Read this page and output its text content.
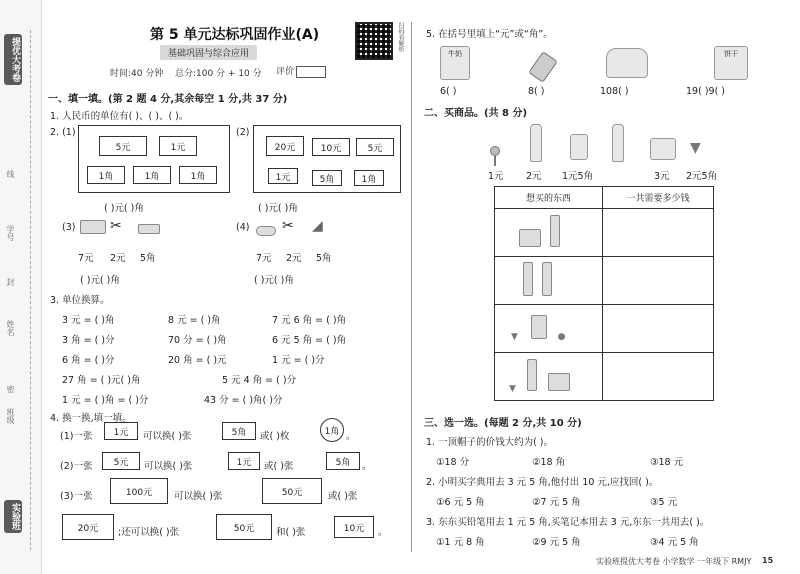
提优大考卷
实验班
线
学号
封
姓名
密
班级
第 5 单元达标巩固作业(A)
基础巩固与综合应用
时间:40 分钟 总分:100 分 + 10 分 评价
扫码看解析
一、填一填。(第 2 题 4 分,其余每空 1 分,共 37 分)
1. 人民币的单位有( )、( )、( )。
2. (1)
5元	1元
1角	1角	1角
( )元( )角
(2)
20元	10元	5元
1元	5角	1角
( )元( )角
(3) ✂
7元 2元 5角
( )元( )角
(4) ✂ ◢
7元 2元 5角
( )元( )角
3. 单位换算。
3 元 = ( )角	8 元 = ( )角	7 元 6 角 = ( )角
3 角 = ( )分	70 分 = ( )角	6 元 5 角 = ( )角
6 角 = ( )分	20 角 = ( )元	1 元 = ( )分
27 角 = ( )元( )角	5 元 4 角 = ( )分
1 元 = ( )角 = ( )分	43 分 = ( )角( )分
4. 换一换,填一填。
(1)一张	1元	可以换( )张	5角	或( )枚	1角 。
(2)一张	5元	可以换( )张	1元	或( )张	5角	。
(3)一张	100元	可以换( )张	50元	或( )张
20元	;还可以换( )张	50元	和( )张	10元	。
5. 在括号里填上“元”或“角”。
牛奶	饼干
6( )	8( )	108( )	19( )9( )
二、买商品。(共 8 分)
▼
1元 2元 1元5角	3元 2元5角
想买的东西	一共需要多少钱

▼ ●	
▼	
三、选一选。(每题 2 分,共 10 分)
1. 一顶帽子的价钱大约为( )。
①18 分	②18 角	③18 元
2. 小明买字典用去 3 元 5 角,他付出 10 元,应找回( )。
①6 元 5 角	②7 元 5 角	③5 元
3. 东东买铅笔用去 1 元 5 角,买笔记本用去 3 元,东东一共用去( )。
①1 元 8 角	②9 元 5 角	③4 元 5 角
实验班提优大考卷 小学数学 一年级下 RMJY 15
